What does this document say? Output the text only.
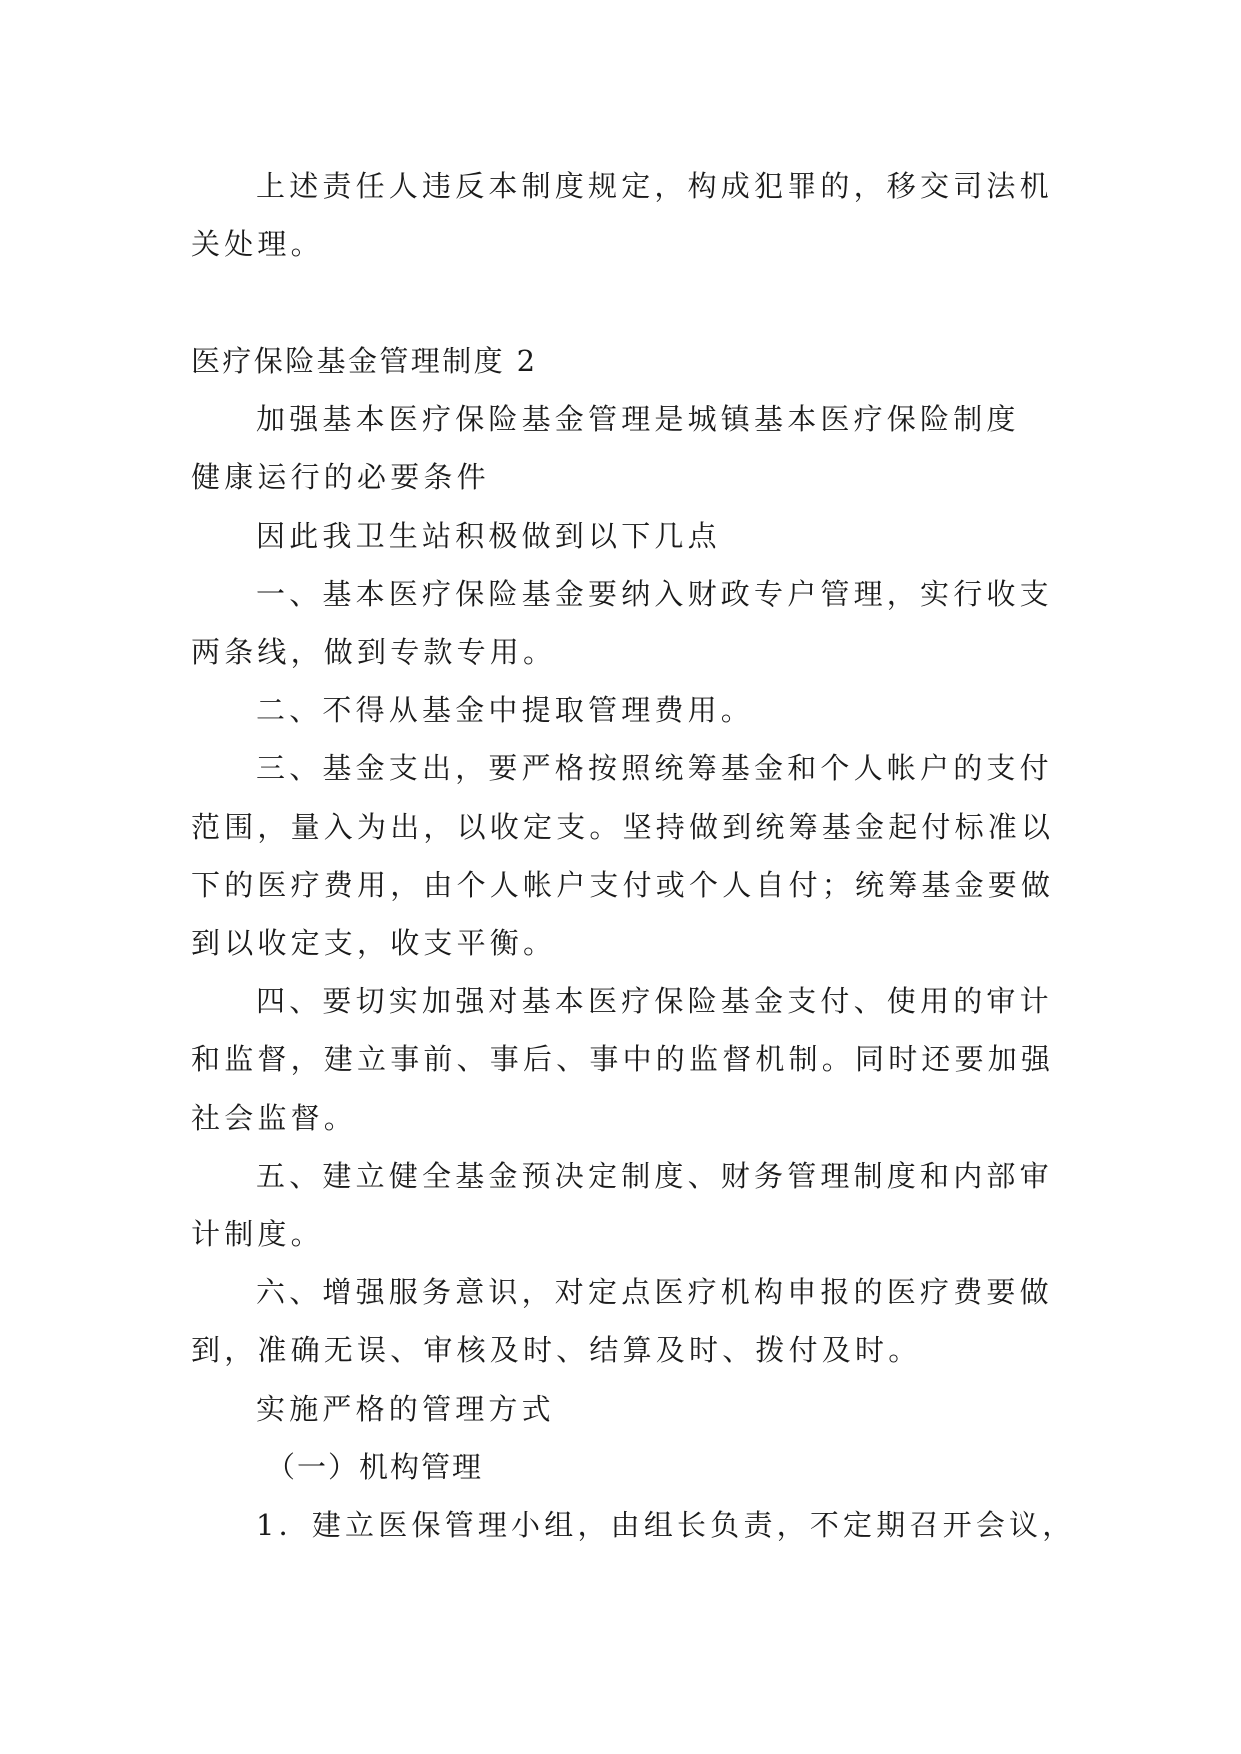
上述责任人违反本制度规定，构成犯罪的，移交司法机
关处理。
医疗保险基金管理制度 2
加强基本医疗保险基金管理是城镇基本医疗保险制度
健康运行的必要条件
因此我卫生站积极做到以下几点
一、基本医疗保险基金要纳入财政专户管理，实行收支
两条线，做到专款专用。
二、不得从基金中提取管理费用。
三、基金支出，要严格按照统筹基金和个人帐户的支付
范围，量入为出，以收定支。坚持做到统筹基金起付标准以
下的医疗费用，由个人帐户支付或个人自付；统筹基金要做
到以收定支，收支平衡。
四、要切实加强对基本医疗保险基金支付、使用的审计
和监督，建立事前、事后、事中的监督机制。同时还要加强
社会监督。
五、建立健全基金预决定制度、财务管理制度和内部审
计制度。
六、增强服务意识，对定点医疗机构申报的医疗费要做
到，准确无误、审核及时、结算及时、拨付及时。
实施严格的管理方式
（一）机构管理
1．建立医保管理小组，由组长负责，不定期召开会议，
